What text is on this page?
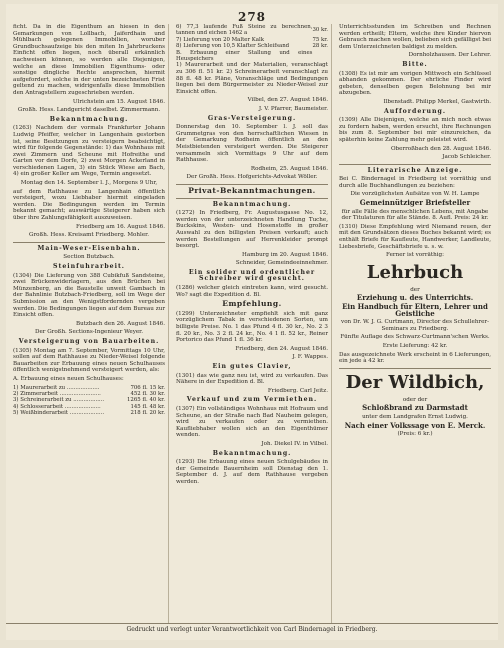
278

ficht. Da in die Eigenthum an hiesen in den Gemarkungen von Lollbach, Jaiferdhain und Mühlbach gelegenen Immobilien, woruber Grundbuchsaufzeige bis den miten In Jahrbruckens Einficht offen liegen, noch überall erkännlich nachweisen können, so werden alle Diejenigen, welche an diese Immobilien Eigenthums- oder sonstige dingliche Rechte ansprechen, hiermit aufgefordert, solche in der unten bezeichneten Frist geltend zu machen, widrigenfalls diese Immobilien den Antragstellern zugeschrieben werden.

Ulrichstein am 15. August 1846.

Großh. Hess. Landgericht daselbst. Zimmermann.

Bekanntmachung.

(1263) Nachdem der vormals Frankfurter Johann Ludwig Pfeiffer, welcher in Langenhain gestorben ist, seine Besitzungen zu versteigern beabsichtigt, wird für folgende Gegenstände: 1) das Wohnhaus mit zwei Zimmern und Scheune mit Hofreithe und Garten vor dem Dorfe, 2) zwei Morgen Ackerland in verschiedenen Lagen, 3) ein Stück Wiese am Bach, 4) ein großer Keller am Wege, Termin angesetzt.

Montag den 14. September l. J., Morgens 9 Uhr,

auf dem Rathhause zu Langenhain öffentlich versteigert, wozu Liebhaber hiermit eingeladen werden. Die Bedingungen werden im Termin bekannt gemacht; auswärtige Steigerer haben sich über ihre Zahlungsfähigkeit auszuweisen.

Friedberg am 16. August 1846.

Großh. Hess. Kreisamt Friedberg. Mohler.

Main-Weser-Eisenbahn.
Section Butzbach.
Steinfuhrarbeit.

(1304) Die Lieferung von 388 Cubikfuß Sandsteine, zwei Brückenwiderlagern, aus den Brüchen bei Münzenberg, an die Baustelle unweit Gambach in der Bahnlinie Butzbach-Friedberg, soll im Wege der Submission an den Wenigstfordernden vergeben werden. Die Bedingungen liegen auf dem Bureau zur Einsicht offen.

Butzbach den 26. August 1846.

Der Großh. Sections-Ingenieur Weyer.

Versteigerung von Bauarbeiten.

(1305) Montag am 7. September, Vormittags 10 Uhr, sollen auf dem Rathhause zu Nieder-Weisel folgende Bauarbeiten zur Erbauung eines neuen Schulhauses öffentlich wenigstnehmend versteigert werden, als:

A. Erbauung eines neuen Schulhauses:

1) Maurerarbeit zu ...................	706 fl. 15 kr.
2) Zimmerarbeit ........................	452 fl. 30 kr.
3) Schreinerarbeit zu ..................	1265 fl. 40 kr.
4) Schlosserarbeit .....................	145 fl. 48 kr.
5) Weißbinderarbeit ....................	218 fl. 20 kr.
6) 77,3 laufende Fuß Steine zu berechnen, tannen und eichen 1462 a	30 kr.
7) Lieferung von 20 Malter Kalk	75 kr.
8) Lieferung von 10,5 Klafter Schleifsand	28 kr.
B. Erbauung einer Stallung und eines Heuspeichers	

1) Maurerarbeit und der Materialien, veranschlagt zu 306 fl. 51 kr. 2) Schreinerarbeit veranschlagt zu 88 fl. 48 kr. Pläne, Voranschläge und Bedingungen liegen bei dem Bürgermeister zu Nieder-Weisel zur Einsicht offen.

Vilbel, den 27. August 1846.

J. V. Pfarrer, Baumeister.

Gras-Versteigerung.

Donnerstag den 10. September l. J. soll das Grummetgras von den herrschaftlichen Wiesen in der Gemarkung Rodheim öffentlich an den Meistbietenden versteigert werden. Die Steigerer versammeln sich Vormittags 9 Uhr auf dem Rathhause.

Rodheim, 25. August 1846.

Der Großh. Hess. Hofgerichts-Advokat Wöller.

Privat-Bekanntmachungen.
Bekanntmachung.

(1272) In Friedberg, Fr. Augustusgasse No. 12, werden von der unterzeichneten Handlung Tuche, Buckskins, Westen- und Hosenstoffe in großer Auswahl zu den billigsten Preisen verkauft; auch werden Bestellungen auf Herrenkleider prompt besorgt.

Hamburg im 20. August 1846.

Schneider, Gemeindeeinnehmer.

Ein solider und ordentlicher Schreiber wird gesucht.

(1286) welcher gleich eintreten kann, wird gesucht. Wo? sagt die Expedition d. Bl.

Empfehlung.

(1299) Unterzeichneter empfiehlt sich mit ganz vorzüglichem Tabak in verschiedenen Sorten, um billigste Preise. No. 1 das Pfund 4 fl. 30 kr., No. 2 3 fl. 20 kr., No. 3 2 fl. 24 kr., No. 4 1 fl. 52 kr., Reiner Portorico das Pfund 1 fl. 36 kr.

Friedberg, den 24. August 1846.

J. F. Wappes.

Ein gutes Clavier,

(1301) das wie ganz neu ist, wird zu verkaufen. Das Nähere in der Expedition d. Bl.

Friedberg. Carl Jeitz.

Verkauf und zum Vermiethen.

(1307) Ein vollständiges Wohnhaus mit Hofraum und Scheune, an der Straße nach Bad Nauheim gelegen, wird zu verkaufen oder zu vermiethen. Kaufliebhaber wollen sich an den Eigenthümer wenden.

Joh. Diekel IV. in Vilbel.

Bekanntmachung.

(1293) Die Erbauung eines neuen Schulgebäudes in der Gemeinde Bauernheim soll Dienstag den 1. September d. J. auf dem Rathhause vergeben werden.

Unterrichtsstunden im Schreiben und Rechnen werden ertheilt; Eltern, welche ihre Kinder hiervon Gebrauch machen wollen, belieben sich gefälligst bei dem Unterzeichneten baldigst zu melden.

Dornholzhausen. Der Lehrer.

Bitte.

(1308) Es ist mir am vorigen Mittwoch ein Schlüssel abhanden gekommen. Der ehrliche Finder wird gebeten, denselben gegen Belohnung bei mir abzugeben.

Ilbenstadt. Philipp Merkel, Gastwirth.

Aufforderung.

(1309) Alle Diejenigen, welche an mich noch etwas zu fordern haben, werden ersucht, ihre Rechnungen bis zum 8. September bei mir einzureichen, da späterhin keine Zahlung mehr geleistet wird.

Oberroßbach den 28. August 1846.

Jacob Schleicher.

Literarische Anzeige.

Bei C. Bindernagel in Friedberg ist vorräthig und durch alle Buchhandlungen zu beziehen:

Die vorzüglichsten Aufsätze von W. H. Lampe

Gemeinnütziger Briefsteller

für alle Fälle des menschlichen Lebens, mit Angabe der Titulaturen für alle Stände. 8. Aufl. Preis: 24 kr.

(1310) Diese Empfehlung wird Niemand reuen, der mit den Grundsätzen dieses Buches bekannt wird; es enthält Briefe für Kaufleute, Handwerker, Landleute, Liebesbriefe, Geschäftsbriefe u. s. w.

Ferner ist vorräthig:

Lehrbuch

der

Erziehung u. des Unterrichts.
Ein Handbuch für Eltern, Lehrer und Geistliche

von Dr. W. J. G. Curtmann, Director des Schullehrer-Seminars zu Friedberg.

Fünfte Auflage des Schwarz-Curtmann'schen Werks.

Erste Lieferung: 42 kr.

Das ausgezeichnete Werk erscheint in 6 Lieferungen, ein jede à 42 kr.

Der Wildbich,

oder der

Schloßbrand zu Darmstadt

unter dem Landgrafen Ernst Ludwig.

Nach einer Volkssage von E. Merck.

(Preis: 6 kr.)

Gedruckt und verlegt unter Verantwortlichkeit von Carl Bindernagel in Friedberg.
